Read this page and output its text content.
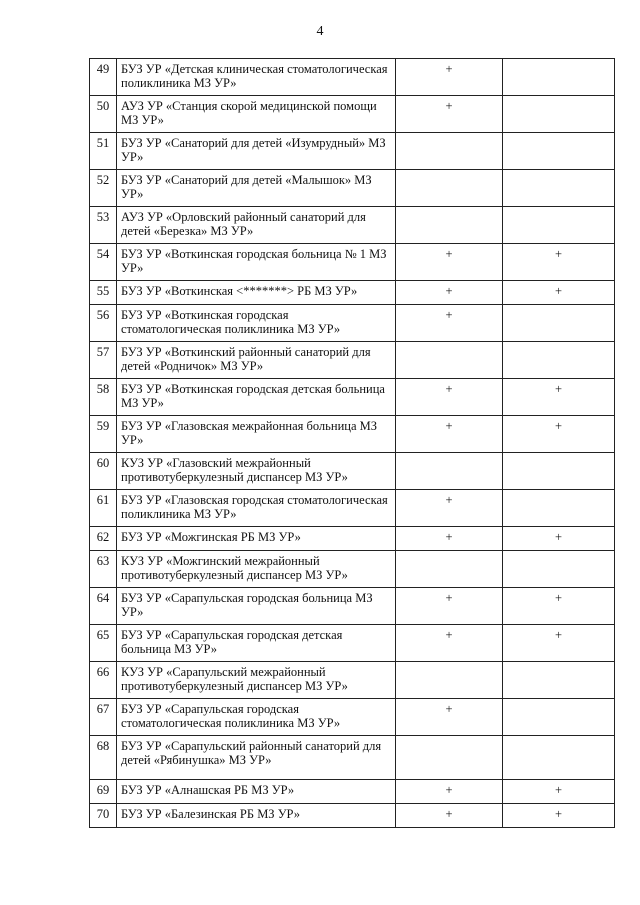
4
49	БУЗ УР «Детская клиническая стоматологическая поликлиника МЗ УР»	+	
50	АУЗ УР «Станция скорой медицинской помощи МЗ УР»	+	
51	БУЗ УР «Санаторий для детей «Изумрудный» МЗ УР»		
52	БУЗ УР «Санаторий для детей «Малышок» МЗ УР»		
53	АУЗ УР «Орловский районный санаторий для детей «Березка» МЗ УР»		
54	БУЗ УР «Воткинская городская больница № 1 МЗ УР»	+	+
55	БУЗ УР «Воткинская <*******> РБ МЗ УР»	+	+
56	БУЗ УР «Воткинская городская стоматологическая поликлиника МЗ УР»	+	
57	БУЗ УР «Воткинский районный санаторий для детей «Родничок» МЗ УР»		
58	БУЗ УР «Воткинская городская детская больница МЗ УР»	+	+
59	БУЗ УР «Глазовская межрайонная больница МЗ УР»	+	+
60	КУЗ УР «Глазовский межрайонный противотуберкулезный диспансер МЗ УР»		
61	БУЗ УР «Глазовская городская стоматологическая поликлиника МЗ УР»	+	
62	БУЗ УР «Можгинская РБ МЗ УР»	+	+
63	КУЗ УР «Можгинский межрайонный противотуберкулезный диспансер МЗ УР»		
64	БУЗ УР «Сарапульская городская больница МЗ УР»	+	+
65	БУЗ УР «Сарапульская городская детская больница МЗ УР»	+	+
66	КУЗ УР «Сарапульский межрайонный противотуберкулезный диспансер МЗ УР»		
67	БУЗ УР «Сарапульская городская стоматологическая поликлиника МЗ УР»	+	
68	БУЗ УР «Сарапульский районный санаторий для детей «Рябинушка» МЗ УР»		
69	БУЗ УР «Алнашская РБ МЗ УР»	+	+
70	БУЗ УР «Балезинская РБ МЗ УР»	+	+
